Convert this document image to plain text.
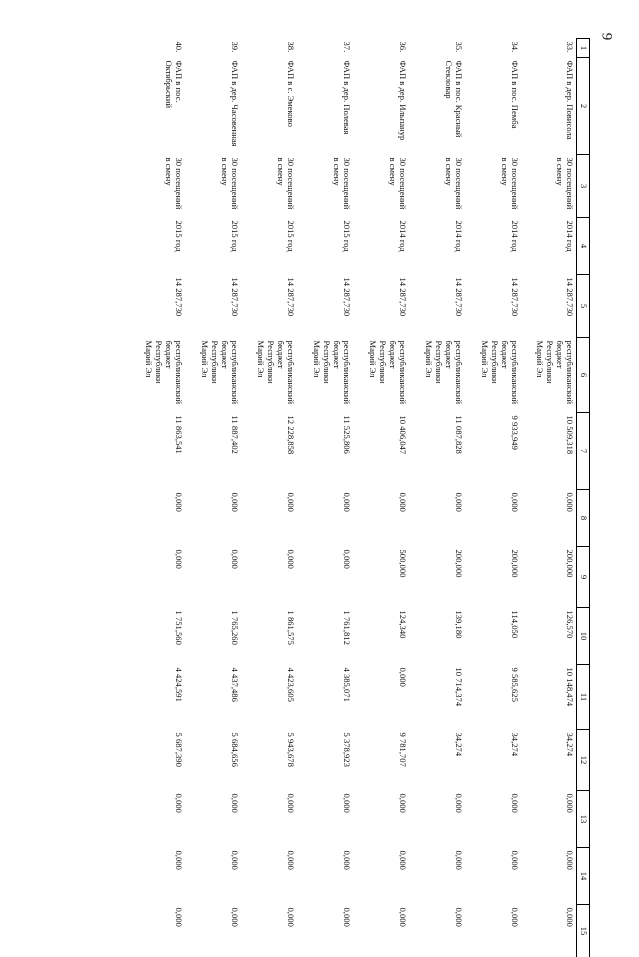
9
1	2	3	4	5	6	7	8	9	10	11	12	13	14	15
33.	ФАП в дер. Повисола	30 посещений в смену	2014 год	14 287,730	республиканский бюджет Республики Марий Эл	10 509,318	0,000	200,000	126,570	10 148,474	34,274	0,000	0,000	0,000
34.	ФАП в пос. Пемба	30 посещений в смену	2014 год	14 287,730	республиканский бюджет Республики Марий Эл	9 933,949	0,000	200,000	114,050	9 585,625	34,274	0,000	0,000	0,000
35.	ФАП в пос. Красный Стекловар	30 посещений в смену	2014 год	14 287,730	республиканский бюджет Республики Марий Эл	11 087,828	0,000	200,000	139,180	10 714,374	34,274	0,000	0,000	0,000
36.	ФАП в дер. Ильпанур	30 посещений в смену	2014 год	14 287,730	республиканский бюджет Республики Марий Эл	10 406,047	0,000	500,000	124,340	0,000	9 781,707	0,000	0,000	0,000
37.	ФАП в дер. Полевая	30 посещений в смену	2015 год	14 287,730	республиканский бюджет Республики Марий Эл	11 525,806	0,000	0,000	1 761,812	4 385,071	5 378,923	0,000	0,000	0,000
38.	ФАП в с. Эмеково	30 посещений в смену	2015 год	14 287,730	республиканский бюджет Республики Марий Эл	12 228,858	0,000	0,000	1 861,575	4 423,605	5 943,678	0,000	0,000	0,000
39.	ФАП в дер. Часовенная	30 посещений в смену	2015 год	14 287,730	республиканский бюджет Республики Марий Эл	11 887,402	0,000	0,000	1 765,260	4 437,486	5 684,656	0,000	0,000	0,000
40.	ФАП в пос. Октябрьский	30 посещений в смену	2015 год	14 287,730	республиканский бюджет Республики Марий Эл	11 863,541	0,000	0,000	1 751,560	4 424,591	5 687,390	0,000	0,000	0,000
